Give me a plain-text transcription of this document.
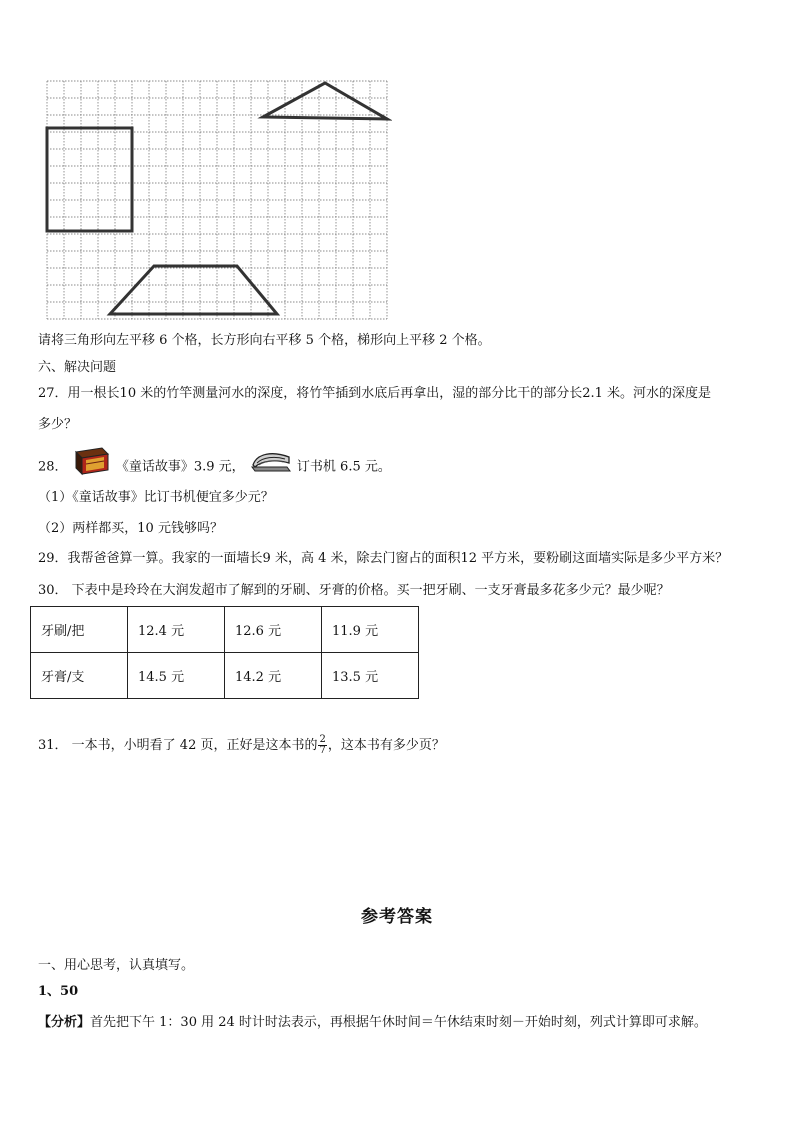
请将三角形向左平移 6 个格，长方形向右平移 5 个格，梯形向上平移 2 个格。
六、解决问题
27．用一根长10 米的竹竿测量河水的深度，将竹竿插到水底后再拿出，湿的部分比干的部分长2.1 米。河水的深度是
多少？
28．	《童话故事》3.9 元，	订书机 6.5 元。
（1）《童话故事》比订书机便宜多少元？
（2）两样都买，10 元钱够吗？
29．我帮爸爸算一算。我家的一面墙长9 米，高 4 米，除去门窗占的面积12 平方米，要粉刷这面墙实际是多少平方米？
30． 下表中是玲玲在大润发超市了解到的牙刷、牙膏的价格。买一把牙刷、一支牙膏最多花多少元？最少呢？
牙刷/把	12.4 元	12.6 元	11.9 元
牙膏/支	14.5 元	14.2 元	13.5 元
31． 一本书，小明看了 42 页，正好是这本书的 $\frac{2}{7}$ ，这本书有多少页？
参考答案
一、用心思考，认真填写。
1、50
【分析】首先把下午 1：30 用 24 时计时法表示，再根据午休时间＝午休结束时刻－开始时刻，列式计算即可求解。
